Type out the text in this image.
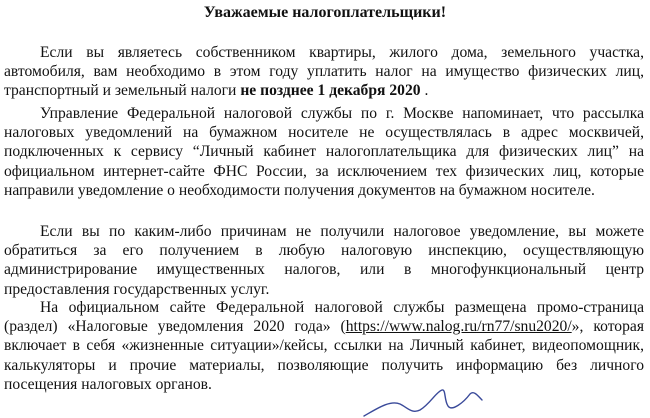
Уважаемые налогоплательщики!

Если вы являетесь собственником квартиры, жилого дома, земельного участка, автомобиля, вам необходимо в этом году уплатить налог на имущество физических лиц, транспортный и земельный налоги не позднее 1 декабря 2020 .

Управление Федеральной налоговой службы по г. Москве напоминает, что рассылка налоговых уведомлений на бумажном носителе не осуществлялась в адрес москвичей, подключенных к сервису “Личный кабинет налогоплательщика для физических лиц” на официальном интернет-сайте ФНС России, за исключением тех физических лиц, которые направили уведомление о необходимости получения документов на бумажном носителе.

Если вы по каким-либо причинам не получили налоговое уведомление, вы можете обратиться за его получением в любую налоговую инспекцию, осуществляющую администрирование имущественных налогов, или в многофункциональный центр предоставления государственных услуг.

На официальном сайте Федеральной налоговой службы размещена промо-страница (раздел) «Налоговые уведомления 2020 года» (https://www.nalog.ru/rn77/snu2020/», которая включает в себя «жизненные ситуации»/кейсы, ссылки на Личный кабинет, видеопомощник, калькуляторы и прочие материалы, позволяющие получить информацию без личного посещения налоговых органов.
